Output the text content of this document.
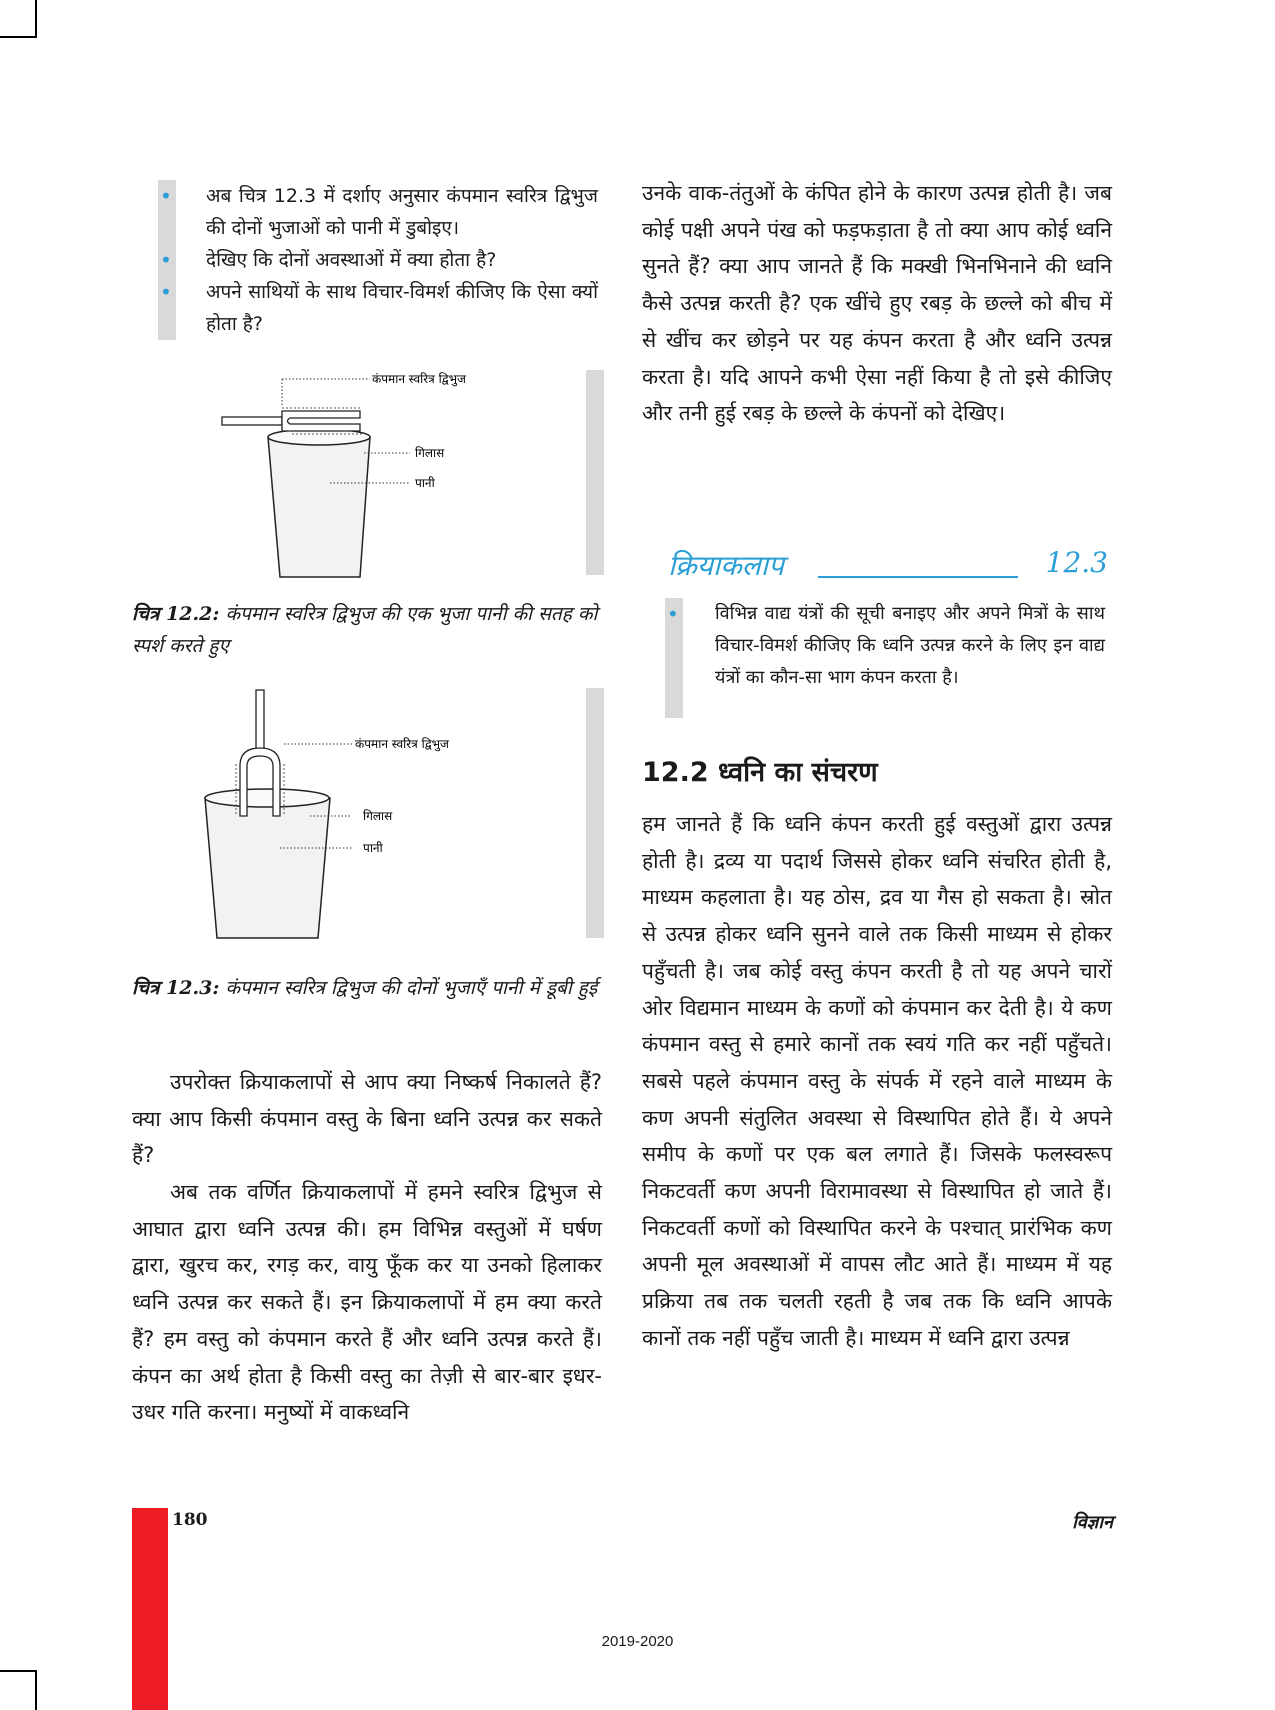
• अब चित्र 12.3 में दर्शाए अनुसार कंपमान स्वरित्र द्विभुज की दोनों भुजाओं को पानी में डुबोइए।
• देखिए कि दोनों अवस्थाओं में क्या होता है?
• अपने साथियों के साथ विचार-विमर्श कीजिए कि ऐसा क्यों होता है?
कंपमान स्वरित्र द्विभुज
गिलास
पानी
चित्र 12.2: कंपमान स्वरित्र द्विभुज की एक भुजा पानी की सतह को स्पर्श करते हुए
कंपमान स्वरित्र द्विभुज
गिलास
पानी
चित्र 12.3: कंपमान स्वरित्र द्विभुज की दोनों भुजाएँ पानी में डूबी हुई

उपरोक्त क्रियाकलापों से आप क्या निष्कर्ष निकालते हैं? क्या आप किसी कंपमान वस्तु के बिना ध्वनि उत्पन्न कर सकते हैं?

अब तक वर्णित क्रियाकलापों में हमने स्वरित्र द्विभुज से आघात द्वारा ध्वनि उत्पन्न की। हम विभिन्न वस्तुओं में घर्षण द्वारा, खुरच कर, रगड़ कर, वायु फूँक कर या उनको हिलाकर ध्वनि उत्पन्न कर सकते हैं। इन क्रियाकलापों में हम क्या करते हैं? हम वस्तु को कंपमान करते हैं और ध्वनि उत्पन्न करते हैं। कंपन का अर्थ होता है किसी वस्तु का तेज़ी से बार-बार इधर-उधर गति करना। मनुष्यों में वाकध्वनि

उनके वाक-तंतुओं के कंपित होने के कारण उत्पन्न होती है। जब कोई पक्षी अपने पंख को फड़फड़ाता है तो क्या आप कोई ध्वनि सुनते हैं? क्या आप जानते हैं कि मक्खी भिनभिनाने की ध्वनि कैसे उत्पन्न करती है? एक खींचे हुए रबड़ के छल्ले को बीच में से खींच कर छोड़ने पर यह कंपन करता है और ध्वनि उत्पन्न करता है। यदि आपने कभी ऐसा नहीं किया है तो इसे कीजिए और तनी हुई रबड़ के छल्ले के कंपनों को देखिए।

क्रियाकलाप	12.3
• विभिन्न वाद्य यंत्रों की सूची बनाइए और अपने मित्रों के साथ विचार-विमर्श कीजिए कि ध्वनि उत्पन्न करने के लिए इन वाद्य यंत्रों का कौन-सा भाग कंपन करता है।
12.2 ध्वनि का संचरण

हम जानते हैं कि ध्वनि कंपन करती हुई वस्तुओं द्वारा उत्पन्न होती है। द्रव्य या पदार्थ जिससे होकर ध्वनि संचरित होती है, माध्यम कहलाता है। यह ठोस, द्रव या गैस हो सकता है। स्रोत से उत्पन्न होकर ध्वनि सुनने वाले तक किसी माध्यम से होकर पहुँचती है। जब कोई वस्तु कंपन करती है तो यह अपने चारों ओर विद्यमान माध्यम के कणों को कंपमान कर देती है। ये कण कंपमान वस्तु से हमारे कानों तक स्वयं गति कर नहीं पहुँचते। सबसे पहले कंपमान वस्तु के संपर्क में रहने वाले माध्यम के कण अपनी संतुलित अवस्था से विस्थापित होते हैं। ये अपने समीप के कणों पर एक बल लगाते हैं। जिसके फलस्वरूप निकटवर्ती कण अपनी विरामावस्था से विस्थापित हो जाते हैं। निकटवर्ती कणों को विस्थापित करने के पश्चात् प्रारंभिक कण अपनी मूल अवस्थाओं में वापस लौट आते हैं। माध्यम में यह प्रक्रिया तब तक चलती रहती है जब तक कि ध्वनि आपके कानों तक नहीं पहुँच जाती है। माध्यम में ध्वनि द्वारा उत्पन्न

180	विज्ञान
2019-2020
